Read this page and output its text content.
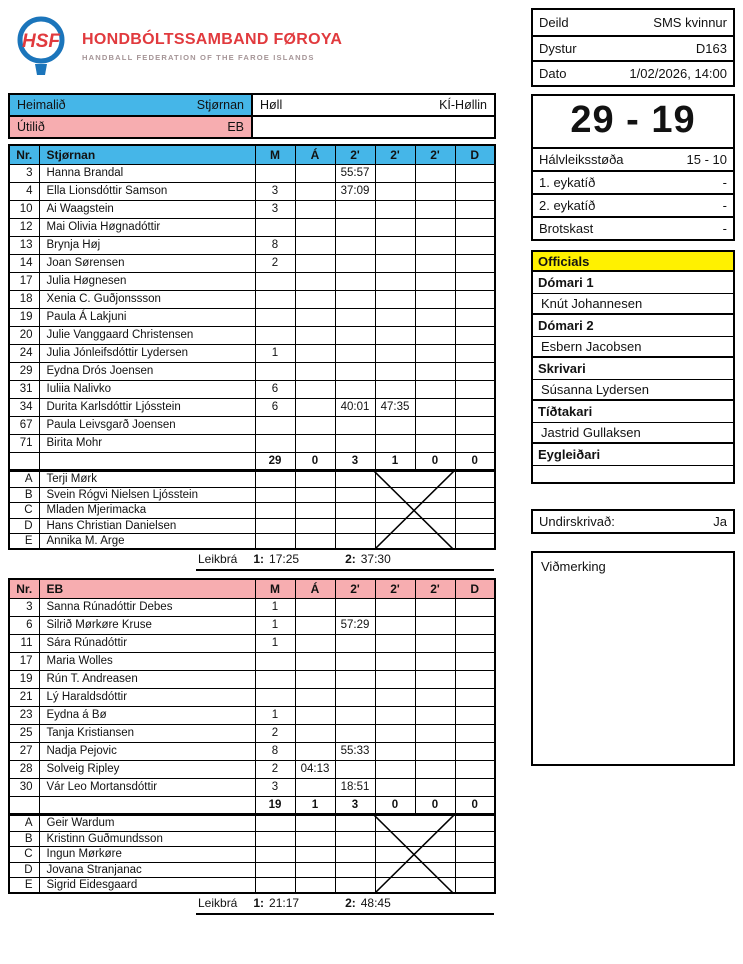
HSF HONDBÓLTSSAMBAND FØROYA
HANDBALL FEDERATION OF THE FAROE ISLANDS
Heimalið Stjørnan	Høll KÍ-Høllin

Útilið EB	

Nr.	Stjørnan	M	Á	2'	2'	2'	D
3	Hanna Brandal			55:57			
4	Ella Lionsdóttir Samson	3		37:09			
10	Ai Waagstein	3					
12	Mai Olivia Høgnadóttir						
13	Brynja Høj	8					
14	Joan Sørensen	2					
17	Julia Høgnesen						
18	Xenia C. Guðjonssson						
19	Paula Á Lakjuni						
20	Julie Vanggaard Christensen						
24	Julia Jónleifsdóttir Lydersen	1					
29	Eydna Drós Joensen						
31	Iuliia Nalivko	6					
34	Durita Karlsdóttir Ljósstein	6		40:01	47:35		
67	Paula Leivsgarð Joensen						
71	Birita Mohr						
		29	0	3	1	0	0
A	Terji Mørk						
B	Svein Rógvi Nielsen Ljósstein						
C	Mladen Mjerimacka						
D	Hans Christian Danielsen						
E	Annika M. Arge						
Leikbrá 1: 17:25	2: 37:30
Nr.	EB	M	Á	2'	2'	2'	D
3	Sanna Rúnadóttir Debes	1					
6	Silrið Mørkøre Kruse	1		57:29			
11	Sára Rúnadóttir	1					
17	Maria Wolles						
19	Rún T. Andreasen						
21	Lý Haraldsdóttir						
23	Eydna á Bø	1					
25	Tanja Kristiansen	2					
27	Nadja Pejovic	8		55:33			
28	Solveig Ripley	2	04:13				
30	Vár Leo Mortansdóttir	3		18:51			
		19	1	3	0	0	0
A	Geir Wardum						
B	Kristinn Guðmundsson						
C	Ingun Mørkøre						
D	Jovana Stranjanac						
E	Sigrid Eidesgaard						
Leikbrá 1: 21:17	2: 48:45
Deild	SMS kvinnur
Dystur	D163
Dato	1/02/2026, 14:00
29 - 19
Hálvleiksstøða	15 - 10
1. eykatíð	-
2. eykatíð	-
Brotskast	-
Officials
Dómari 1
Knút Johannesen
Dómari 2
Esbern Jacobsen
Skrivari
Súsanna Lydersen
Tíðtakari
Jastrid Gullaksen
Eygleiðari
Undirskrivað:	Ja
Viðmerking
